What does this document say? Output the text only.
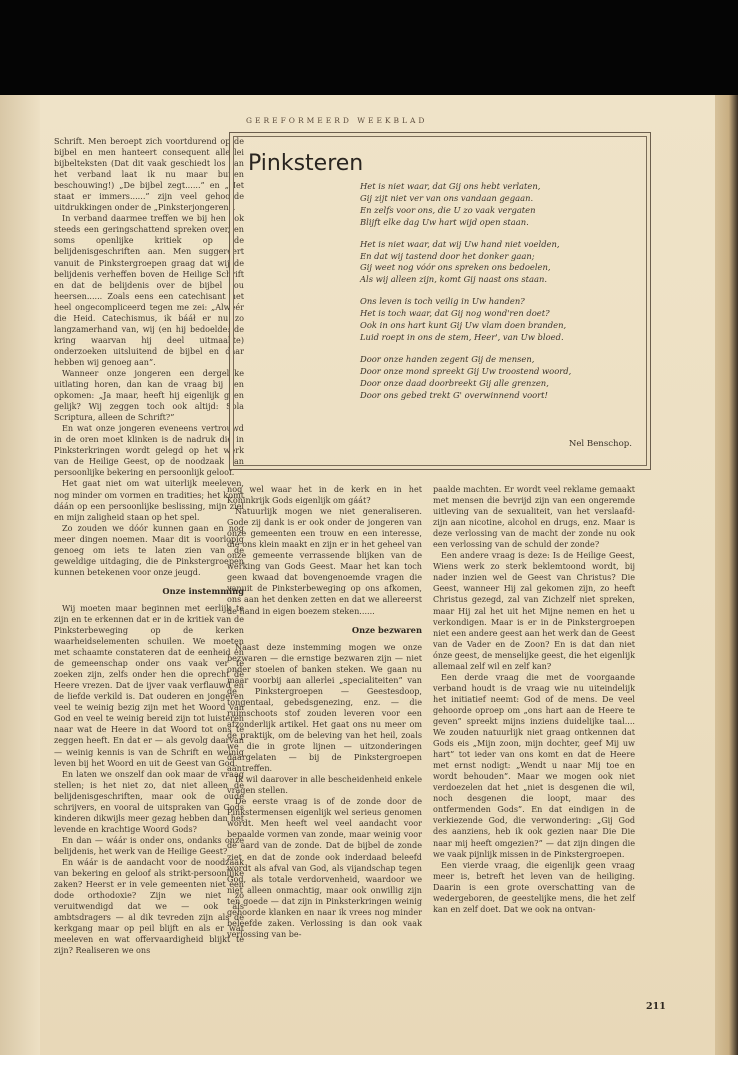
GEREFORMEERD WEEKBLAD

Schrift. Men beroept zich voortdurend op de bijbel en men hanteert consequent allerlei bijbelteksten (Dat dit vaak geschiedt los van het verband laat ik nu maar buiten beschouwing!) „De bijbel zegt......” en „Het staat er immers......” zijn veel gehoorde uitdrukkingen onder de „Pinksterjongeren”.

In verband daarmee treffen we bij hen ook steeds een geringschattend spreken over, en soms openlijke kritiek op de belijdenisgeschriften aan. Men suggereert vanuit de Pinkstergroepen graag dat wij de belijdenis verheffen boven de Heilige Schrift en dat de belijdenis over de bijbel zou heersen...... Zoals eens een catechisant het heel ongecompliceerd tegen me zei: „Alwéér die Heid. Catechismus, ik bááł er nu zo langzamerhand van, wij (en hij bedoelde: de kring waarvan hij deel uitmaakte) onderzoeken uitsluitend de bijbel en daar hebben wij genoeg aan”.

Wanneer onze jongeren een dergelijke uitlating horen, dan kan de vraag bij hen opkomen: „Ja maar, heeft hij eigenlijk geen gelijk? Wij zeggen toch ook altijd: Sola Scriptura, alleen de Schrift?”

En wat onze jongeren eveneens vertrouwd in de oren moet klinken is de nadruk die in Pinksterkringen wordt gelegd op het werk van de Heilige Geest, op de noodzaak van persoonlijke bekering en persoonlijk geloof.

Het gaat niet om wat uiterlijk meeleven, nog minder om vormen en tradities; het komt dáán op een persoonlijke beslissing, mijn ziel en mijn zaligheid staan op het spel.

Zo zouden we dóór kunnen gaan en nog meer dingen noemen. Maar dit is voorlopig genoeg om iets te laten zien van de geweldige uitdaging, die de Pinkstergroepen kunnen betekenen voor onze jeugd.

Onze instemming

Wij moeten maar beginnen met eerlijk te zijn en te erkennen dat er in de kritiek van de Pinksterbeweging op de kerken waarheidselementen schuilen. We moeten met schaamte constateren dat de eenheid en de gemeenschap onder ons vaak ver te zoeken zijn, zelfs onder hen die oprecht de Heere vrezen. Dat de ijver vaak verflauwd en de liefde verkild is. Dat ouderen en jongeren veel te weinig bezig zijn met het Woord van God en veel te weinig bereid zijn tot luisteren naar wat de Heere in dat Woord tot ons te zeggen heeft. En dat er — als gevolg daarvan — weinig kennis is van de Schrift en weinig leven bij het Woord en uit de Geest van God.

En laten we onszelf dan ook maar de vraag stellen; is het niet zo, dat niet alleen de belijdenisgeschriften, maar ook de oude schrijvers, en vooral de uitspraken van Gods kinderen dikwijls meer gezag hebben dan het levende en krachtige Woord Gods?

En dan — wáár is onder ons, ondanks onze belijdenis, het werk van de Heilige Geest?

En wáár is de aandacht voor de noodzaak van bekering en geloof als strikt-persoonlijke zaken? Heerst er in vele gemeenten niet een dode orthodoxie? Zijn we niet zo veruitwendigd dat we — ook als ambtsdragers — al dik tevreden zijn als de kerkgang maar op peil blijft en als er wat meeleven en wat offervaardigheid blijkt te zijn? Realiseren we ons

Pinksteren
Het is niet waar, dat Gij ons hebt verlaten,
Gij zijt niet ver van ons vandaan gegaan.
En zelfs voor ons, die U zo vaak vergaten
Blijft elke dag Uw hart wijd open staan.
Het is niet waar, dat wij Uw hand niet voelden,
En dat wij tastend door het donker gaan;
Gij weet nog vóór ons spreken ons bedoelen,
Als wij alleen zijn, komt Gij naast ons staan.
Ons leven is toch veilig in Uw handen?
Het is toch waar, dat Gij nog wond'ren doet?
Ook in ons hart kunt Gij Uw vlam doen branden,
Luid roept in ons de stem, Heer', van Uw bloed.
Door onze handen zegent Gij de mensen,
Door onze mond spreekt Gij Uw troostend woord,
Door onze daad doorbreekt Gij alle grenzen,
Door ons gebed trekt G' overwinnend voort!
Nel Benschop.

nog wel waar het in de kerk en in het Koninkrijk Gods eigenlijk om gáát?

Natuurlijk mogen we niet generaliseren. Gode zij dank is er ook onder de jongeren van onze gemeenten een trouw en een interesse, die ons klein maakt en zijn er in het geheel van onze gemeente verrassende blijken van de werking van Gods Geest. Maar het kan toch geen kwaad dat bovengenoemde vragen die vanuit de Pinksterbeweging op ons afkomen, ons aan het denken zetten en dat we allereerst de hand in eigen boezem steken......

Onze bezwaren

Naast deze instemming mogen we onze bezwaren — die ernstige bezwaren zijn — niet onder stoelen of banken steken. We gaan nu maar voorbij aan allerlei „specialiteiten” van de Pinkstergroepen — Geestesdoop, tongentaal, gebedsgenezing, enz. — die ruimschoots stof zouden leveren voor een afzonderlijk artikel. Het gaat ons nu meer om de praktijk, om de beleving van het heil, zoals we die in grote lijnen — uitzonderingen daargelaten — bij de Pinkstergroepen aantreffen.

Ik wil daarover in alle bescheidenheid enkele vragen stellen.

De eerste vraag is of de zonde door de Pinkstermensen eigenlijk wel serieus genomen wordt. Men heeft wel veel aandacht voor bepaalde vormen van zonde, maar weinig voor de aard van de zonde. Dat de bijbel de zonde ziet en dat de zonde ook inderdaad beleefd wordt als afval van God, als vijandschap tegen God, als totale verdorvenheid, waardoor we niet alleen onmachtig, maar ook onwillig zijn ten goede — dat zijn in Pinksterkringen weinig gehoorde klanken en naar ik vrees nog minder beleefde zaken. Verlossing is dan ook vaak verlossing van be-

paalde machten. Er wordt veel reklame gemaakt met mensen die bevrijd zijn van een ongeremde uitleving van de sexualiteit, van het verslaafd-zijn aan nicotine, alcohol en drugs, enz. Maar is deze verlossing van de macht der zonde nu ook een verlossing van de schuld der zonde?

Een andere vraag is deze: Is de Heilige Geest, Wiens werk zo sterk beklemtoond wordt, bij nader inzien wel de Geest van Christus? Die Geest, wanneer Hij zal gekomen zijn, zo heeft Christus gezegd, zal van Zichzelf niet spreken, maar Hij zal het uit het Mijne nemen en het u verkondigen. Maar is er in de Pinkstergroepen niet een andere geest aan het werk dan de Geest van de Vader en de Zoon? En is dat dan niet ónze geest, de menselijke geest, die het eigenlijk allemaal zelf wil en zelf kan?

Een derde vraag die met de voorgaande verband houdt is de vraag wie nu uiteindelijk het initiatief neemt: God of de mens. De veel gehoorde oproep om „ons hart aan de Heere te geven” spreekt mijns inziens duidelijke taal.... We zouden natuurlijk niet graag ontkennen dat Gods eis „Mijn zoon, mijn dochter, geef Mij uw hart” tot ieder van ons komt en dat de Heere met ernst nodigt: „Wendt u naar Mij toe en wordt behouden”. Maar we mogen ook niet verdoezelen dat het „niet is desgenen die wil, noch desgenen die loopt, maar des ontfermenden Gods”. En dat eindigen in de verkiezende God, die verwondering: „Gij God des aanziens, heb ik ook gezien naar Die Die naar mij heeft omgezien?” — dat zijn dingen die we vaak pijnlijk missen in de Pinkstergroepen.

Een vierde vraag, die eigenlijk geen vraag meer is, betreft het leven van de heiliging. Daarin is een grote overschatting van de wedergeboren, de geestelijke mens, die het zelf kan en zelf doet. Dat we ook na ontvan-

211
